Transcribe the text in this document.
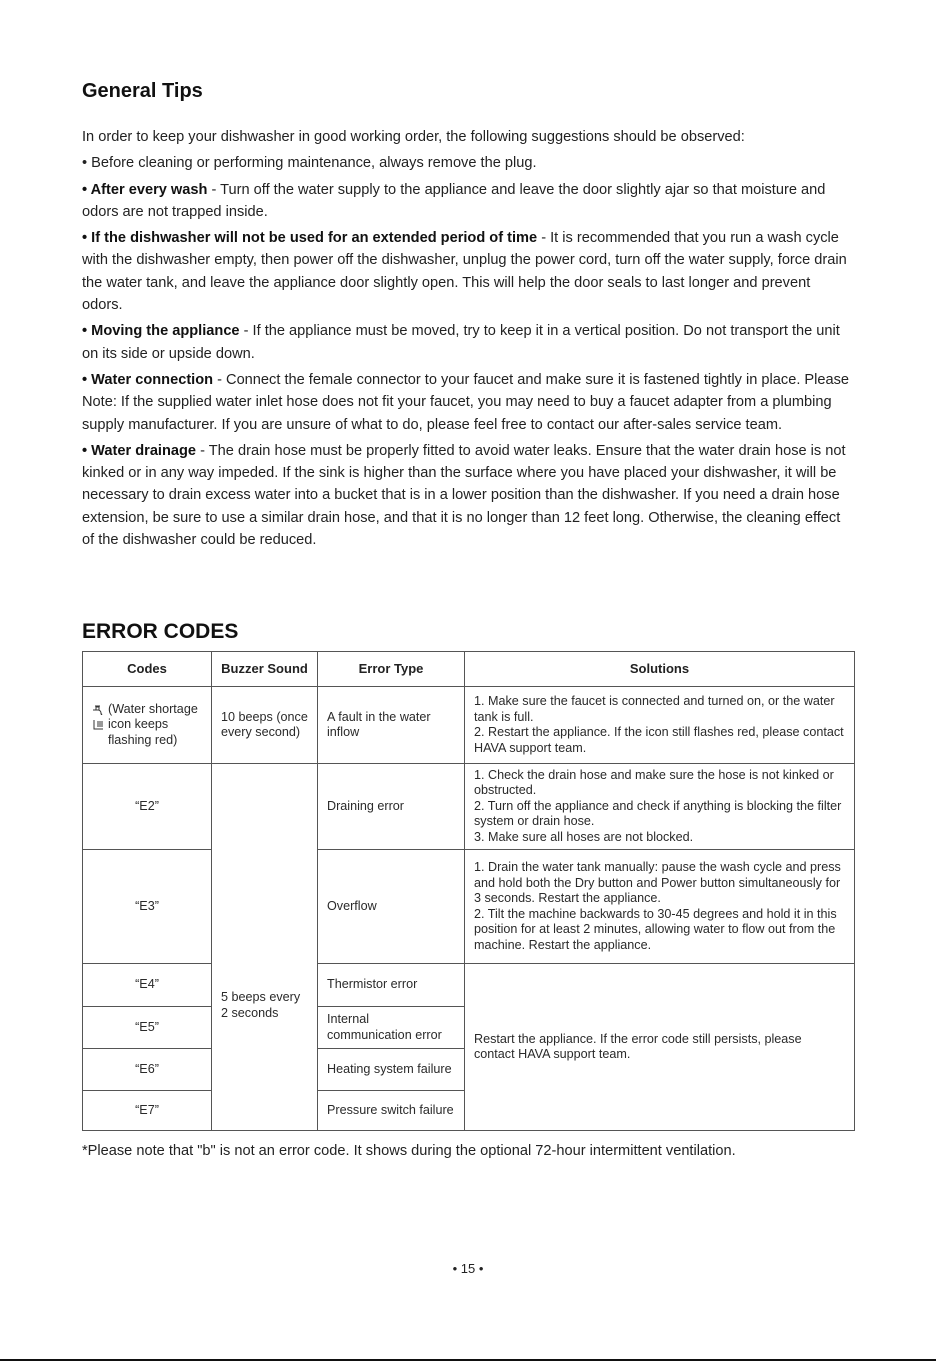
General Tips

In order to keep your dishwasher in good working order, the following suggestions should be observed:

• Before cleaning or performing maintenance, always remove the plug.

• After every wash - Turn off the water supply to the appliance and leave the door slightly ajar so that moisture and odors are not trapped inside.

• If the dishwasher will not be used for an extended period of time - It is recommended that you run a wash cycle with the dishwasher empty, then power off the dishwasher, unplug the power cord, turn off the water supply, force drain the water tank, and leave the appliance door slightly open. This will help the door seals to last longer and prevent odors.

• Moving the appliance - If the appliance must be moved, try to keep it in a vertical position. Do not transport the unit on its side or upside down.

• Water connection - Connect the female connector to your faucet and make sure it is fastened tightly in place. Please Note: If the supplied water inlet hose does not fit your faucet, you may need to buy a faucet adapter from a plumbing supply manufacturer. If you are unsure of what to do, please feel free to contact our after-sales service team.

• Water drainage - The drain hose must be properly fitted to avoid water leaks. Ensure that the water drain hose is not kinked or in any way impeded. If the sink is higher than the surface where you have placed your dishwasher, it will be necessary to drain excess water into a bucket that is in a lower position than the dishwasher. If you need a drain hose extension, be sure to use a similar drain hose, and that it is no longer than 12 feet long. Otherwise, the cleaning effect of the dishwasher could be reduced.

ERROR CODES
Codes	Buzzer Sound	Error Type	Solutions

(Water shortage icon keeps flashing red)	10 beeps (once every second)	A fault in the water inflow	1. Make sure the faucet is connected and turned on, or the water tank is full.
2. Restart the appliance. If the icon still flashes red, please contact HAVA support team.
“E2”	5 beeps every 2 seconds	Draining error	1. Check the drain hose and make sure the hose is not kinked or obstructed.
2. Turn off the appliance and check if anything is blocking the filter system or drain hose.
3. Make sure all hoses are not blocked.
“E3”		Overflow	1. Drain the water tank manually: pause the wash cycle and press and hold both the Dry button and Power button simultaneously for 3 seconds. Restart the appliance.
2. Tilt the machine backwards to 30-45 degrees and hold it in this position for at least 2 minutes, allowing water to flow out from the machine. Restart the appliance.
“E4”		Thermistor error	Restart the appliance. If the error code still persists, please contact HAVA support team.
“E5”		Internal communication error	
“E6”		Heating system failure	
“E7”		Pressure switch failure	
*Please note that "b" is not an error code. It shows during the optional 72-hour intermittent ventilation.
• 15 •
